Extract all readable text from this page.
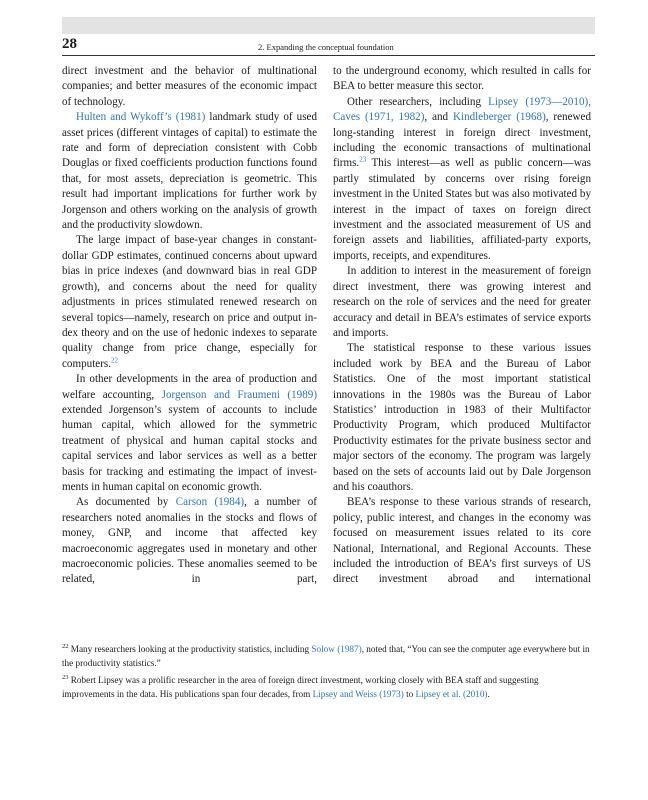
28	2. Expanding the conceptual foundation

direct investment and the behavior of multinational companies; and better measures of the economic impact of technology.

Hulten and Wykoff’s (1981) landmark study of used asset prices (different vintages of capital) to estimate the rate and form of depreciation consistent with Cobb Douglas or fixed coefficients production functions found that, for most assets, depreciation is geometric. This result had important implications for further work by Jorgenson and others working on the analysis of growth and the productivity slowdown.

The large impact of base-year changes in constant-dollar GDP estimates, continued concerns about upward bias in price indexes (and downward bias in real GDP growth), and concerns about the need for quality adjustments in prices stimulated renewed research on several topics—namely, research on price and output index theory and on the use of hedonic indexes to separate quality change from price change, especially for computers.$^{22}$

In other developments in the area of production and welfare accounting, Jorgenson and Fraumeni (1989) extended Jorgenson’s system of accounts to include human capital, which allowed for the symmetric treatment of physical and human capital stocks and capital services and labor services as well as a better basis for tracking and estimating the impact of investments in human capital on economic growth.

As documented by Carson (1984), a number of researchers noted anomalies in the stocks and flows of money, GNP, and income that affected key macroeconomic aggregates used in monetary and other macroeconomic policies. These anomalies seemed to be related, in part,

to the underground economy, which resulted in calls for BEA to better measure this sector.

Other researchers, including Lipsey (1973—2010), Caves (1971, 1982), and Kindleberger (1968), renewed long-standing interest in foreign direct investment, including the economic transactions of multinational firms.$^{23}$ This interest—as well as public concern—was partly stimulated by concerns over rising foreign investment in the United States but was also motivated by interest in the impact of taxes on foreign direct investment and the associated measurement of US and foreign assets and liabilities, affiliated-party exports, imports, receipts, and expenditures.

In addition to interest in the measurement of foreign direct investment, there was growing interest and research on the role of services and the need for greater accuracy and detail in BEA’s estimates of service exports and imports.

The statistical response to these various issues included work by BEA and the Bureau of Labor Statistics. One of the most important statistical innovations in the 1980s was the Bureau of Labor Statistics’ introduction in 1983 of their Multifactor Productivity Program, which produced Multifactor Productivity estimates for the private business sector and major sectors of the economy. The program was largely based on the sets of accounts laid out by Dale Jorgenson and his coauthors.

BEA’s response to these various strands of research, policy, public interest, and changes in the economy was focused on measurement issues related to its core National, International, and Regional Accounts. These included the introduction of BEA’s first surveys of US direct investment abroad and international

$^{22}$ Many researchers looking at the productivity statistics, including Solow (1987), noted that, “You can see the computer age everywhere but in the productivity statistics.”

$^{23}$ Robert Lipsey was a prolific researcher in the area of foreign direct investment, working closely with BEA staff and suggesting improvements in the data. His publications span four decades, from Lipsey and Weiss (1973) to Lipsey et al. (2010).
